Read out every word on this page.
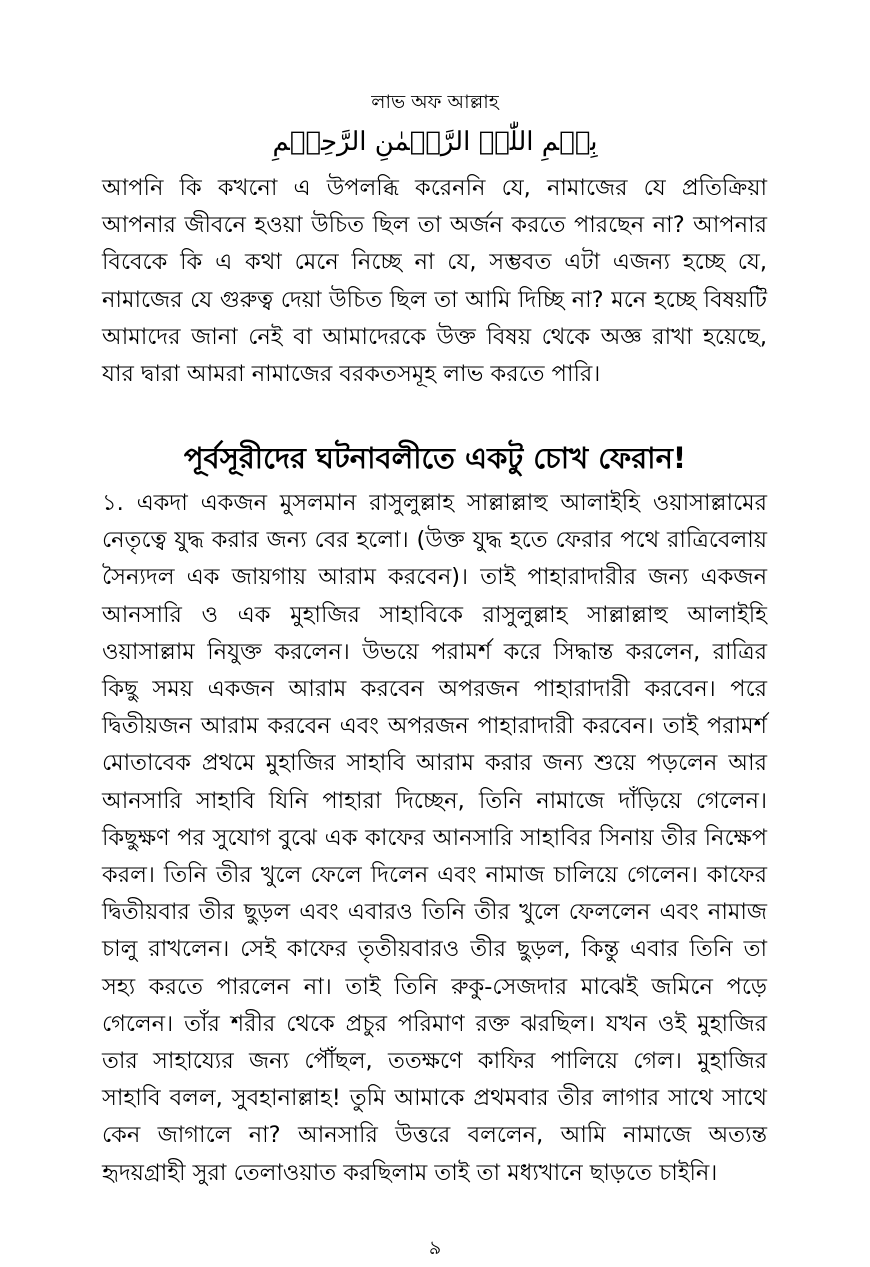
লাভ অফ আল্লাহ
بِسۡمِ اللّٰہِ الرَّحۡمٰنِ الرَّحِیۡمِ

আপনি কি কখনো এ উপলব্ধি করেননি যে, নামাজের যে প্রতিক্রিয়া আপনার জীবনে হওয়া উচিত ছিল তা অর্জন করতে পারছেন না? আপনার বিবেকে কি এ কথা মেনে নিচ্ছে না যে, সম্ভবত এটা এজন্য হচ্ছে যে, নামাজের যে গুরুত্ব দেয়া উচিত ছিল তা আমি দিচ্ছি না? মনে হচ্ছে বিষয়টি আমাদের জানা নেই বা আমাদেরকে উক্ত বিষয় থেকে অজ্ঞ রাখা হয়েছে, যার দ্বারা আমরা নামাজের বরকতসমূহ লাভ করতে পারি।

পূর্বসূরীদের ঘটনাবলীতে একটু চোখ ফেরান!

১. একদা একজন মুসলমান রাসুলুল্লাহ সাল্লাল্লাহু আলাইহি ওয়াসাল্লামের নেতৃত্বে যুদ্ধ করার জন্য বের হলো। (উক্ত যুদ্ধ হতে ফেরার পথে রাত্রিবেলায় সৈন্যদল এক জায়গায় আরাম করবেন)। তাই পাহারাদারীর জন্য একজন আনসারি ও এক মুহাজির সাহাবিকে রাসুলুল্লাহ সাল্লাল্লাহু আলাইহি ওয়াসাল্লাম নিযুক্ত করলেন। উভয়ে পরামর্শ করে সিদ্ধান্ত করলেন, রাত্রির কিছু সময় একজন আরাম করবেন অপরজন পাহারাদারী করবেন। পরে দ্বিতীয়জন আরাম করবেন এবং অপরজন পাহারাদারী করবেন। তাই পরামর্শ মোতাবেক প্রথমে মুহাজির সাহাবি আরাম করার জন্য শুয়ে পড়লেন আর আনসারি সাহাবি যিনি পাহারা দিচ্ছেন, তিনি নামাজে দাঁড়িয়ে গেলেন। কিছুক্ষণ পর সুযোগ বুঝে এক কাফের আনসারি সাহাবির সিনায় তীর নিক্ষেপ করল। তিনি তীর খুলে ফেলে দিলেন এবং নামাজ চালিয়ে গেলেন। কাফের দ্বিতীয়বার তীর ছুড়ল এবং এবারও তিনি তীর খুলে ফেললেন এবং নামাজ চালু রাখলেন। সেই কাফের তৃতীয়বারও তীর ছুড়ল, কিন্তু এবার তিনি তা সহ্য করতে পারলেন না। তাই তিনি রুকু-সেজদার মাঝেই জমিনে পড়ে গেলেন। তাঁর শরীর থেকে প্রচুর পরিমাণ রক্ত ঝরছিল। যখন ওই মুহাজির তার সাহায্যের জন্য পৌঁছল, ততক্ষণে কাফির পালিয়ে গেল। মুহাজির সাহাবি বলল, সুবহানাল্লাহ! তুমি আমাকে প্রথমবার তীর লাগার সাথে সাথে কেন জাগালে না? আনসারি উত্তরে বললেন, আমি নামাজে অত্যন্ত হৃদয়গ্রাহী সুরা তেলাওয়াত করছিলাম তাই তা মধ্যখানে ছাড়তে চাইনি।

৯
